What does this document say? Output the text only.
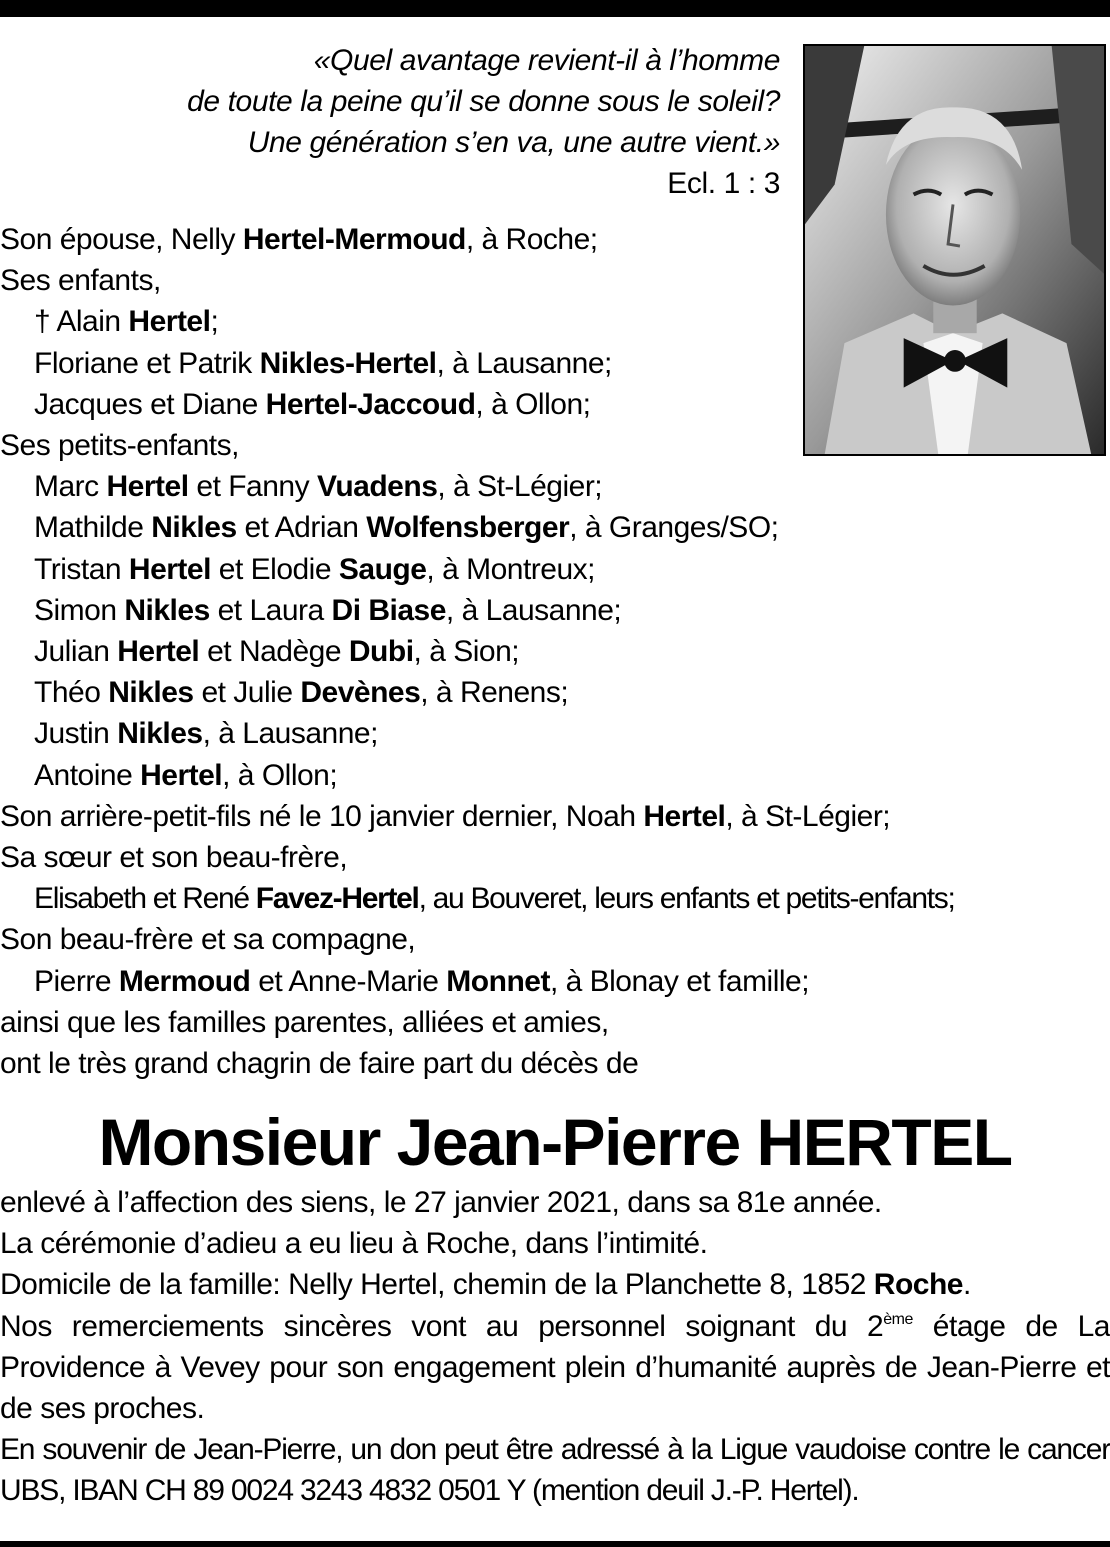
«Quel avantage revient-il à l’homme
de toute la peine qu’il se donne sous le soleil?
Une génération s’en va, une autre vient.»
Ecl. 1 : 3
Son épouse, Nelly Hertel-Mermoud, à Roche;
Ses enfants,
† Alain Hertel;
Floriane et Patrik Nikles-Hertel, à Lausanne;
Jacques et Diane Hertel-Jaccoud, à Ollon;
Ses petits-enfants,
Marc Hertel et Fanny Vuadens, à St-Légier;
Mathilde Nikles et Adrian Wolfensberger, à Granges/SO;
Tristan Hertel et Elodie Sauge, à Montreux;
Simon Nikles et Laura Di Biase, à Lausanne;
Julian Hertel et Nadège Dubi, à Sion;
Théo Nikles et Julie Devènes, à Renens;
Justin Nikles, à Lausanne;
Antoine Hertel, à Ollon;
Son arrière-petit-fils né le 10 janvier dernier, Noah Hertel, à St-Légier;
Sa sœur et son beau-frère,
Elisabeth et René Favez-Hertel, au Bouveret, leurs enfants et petits-enfants;
Son beau-frère et sa compagne,
Pierre Mermoud et Anne-Marie Monnet, à Blonay et famille;
ainsi que les familles parentes, alliées et amies,
ont le très grand chagrin de faire part du décès de
Monsieur Jean-Pierre HERTEL
enlevé à l’affection des siens, le 27 janvier 2021, dans sa 81e année.
La cérémonie d’adieu a eu lieu à Roche, dans l’intimité.
Domicile de la famille: Nelly Hertel, chemin de la Planchette 8, 1852 Roche.
Nos remerciements sincères vont au personnel soignant du 2ème étage de La Providence à Vevey pour son engagement plein d’humanité auprès de Jean-Pierre et de ses proches.
En souvenir de Jean-Pierre, un don peut être adressé à la Ligue vaudoise contre le cancer UBS, IBAN CH 89 0024 3243 4832 0501 Y (mention deuil J.-P. Hertel).
